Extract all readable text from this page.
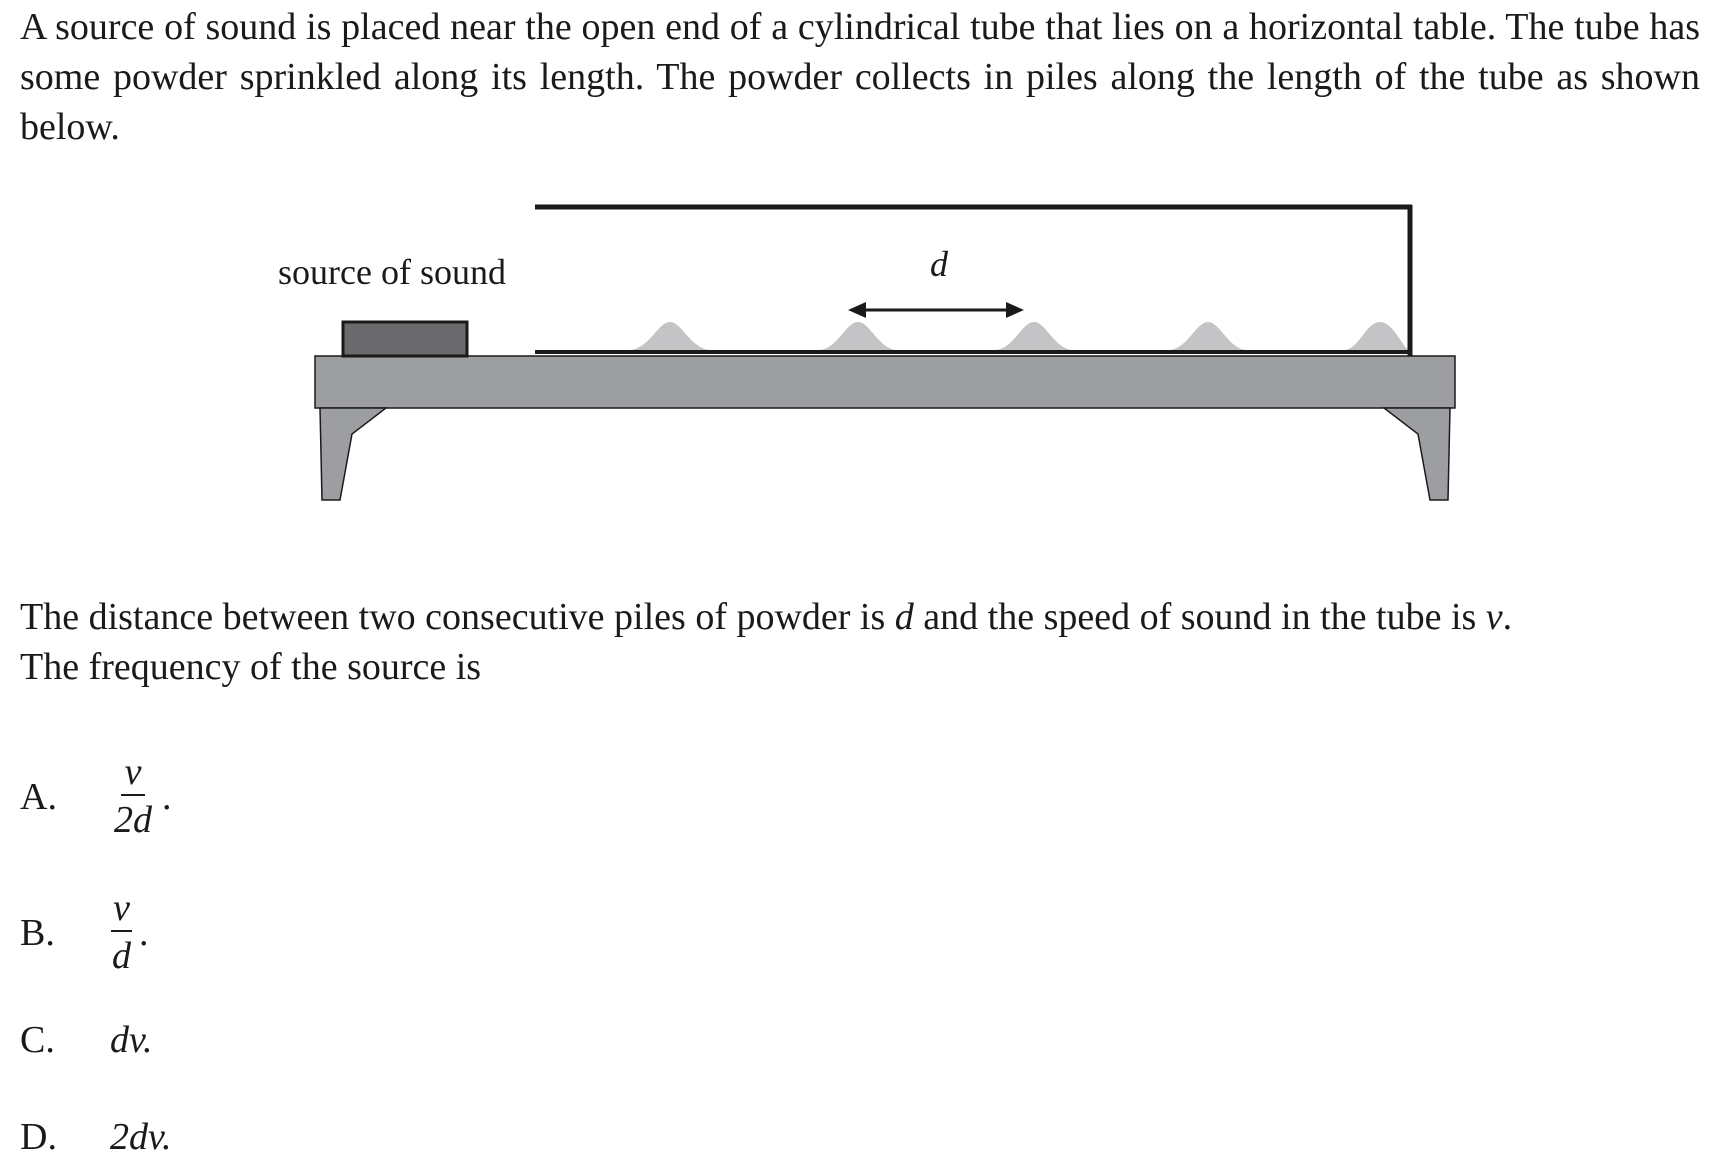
A source of sound is placed near the open end of a cylindrical tube that lies on a horizontal table. The tube has some powder sprinkled along its length. The powder collects in piles along the length of the tube as shown below.

source of sound	d

The distance between two consecutive piles of powder is d and the speed of sound in the tube is v.
The frequency of the source is

A.	$\frac{v}{2d}$ .
B.	$\frac{v}{d}$ .
C.	dv.
D.	2dv.
